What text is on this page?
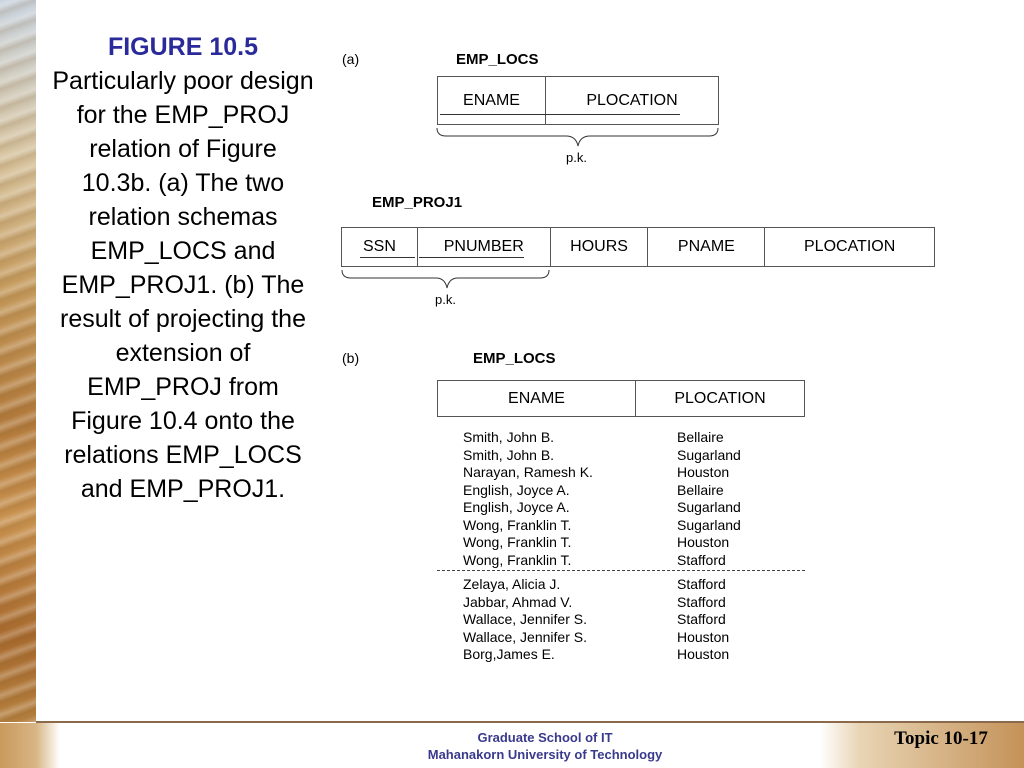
FIGURE 10.5
Particularly poor design for the EMP_PROJ relation of Figure 10.3b. (a) The two relation schemas EMP_LOCS and EMP_PROJ1. (b) The result of projecting the extension of EMP_PROJ from Figure 10.4 onto the relations EMP_LOCS and EMP_PROJ1.
(a)	EMP_LOCS
ENAME	PLOCATION
p.k.
EMP_PROJ1
SSN	PNUMBER	HOURS	PNAME	PLOCATION
p.k.
(b)	EMP_LOCS
ENAME	PLOCATION
Smith, John B.	Bellaire
Smith, John B.	Sugarland
Narayan, Ramesh K.	Houston
English, Joyce A.	Bellaire
English, Joyce A.	Sugarland
Wong, Franklin T.	Sugarland
Wong, Franklin T.	Houston
Wong, Franklin T.	Stafford
Zelaya, Alicia J.	Stafford
Jabbar, Ahmad V.	Stafford
Wallace, Jennifer S.	Stafford
Wallace, Jennifer S.	Houston
Borg,James E.	Houston
Graduate School of IT
Mahanakorn University of Technology
Topic 10-17
